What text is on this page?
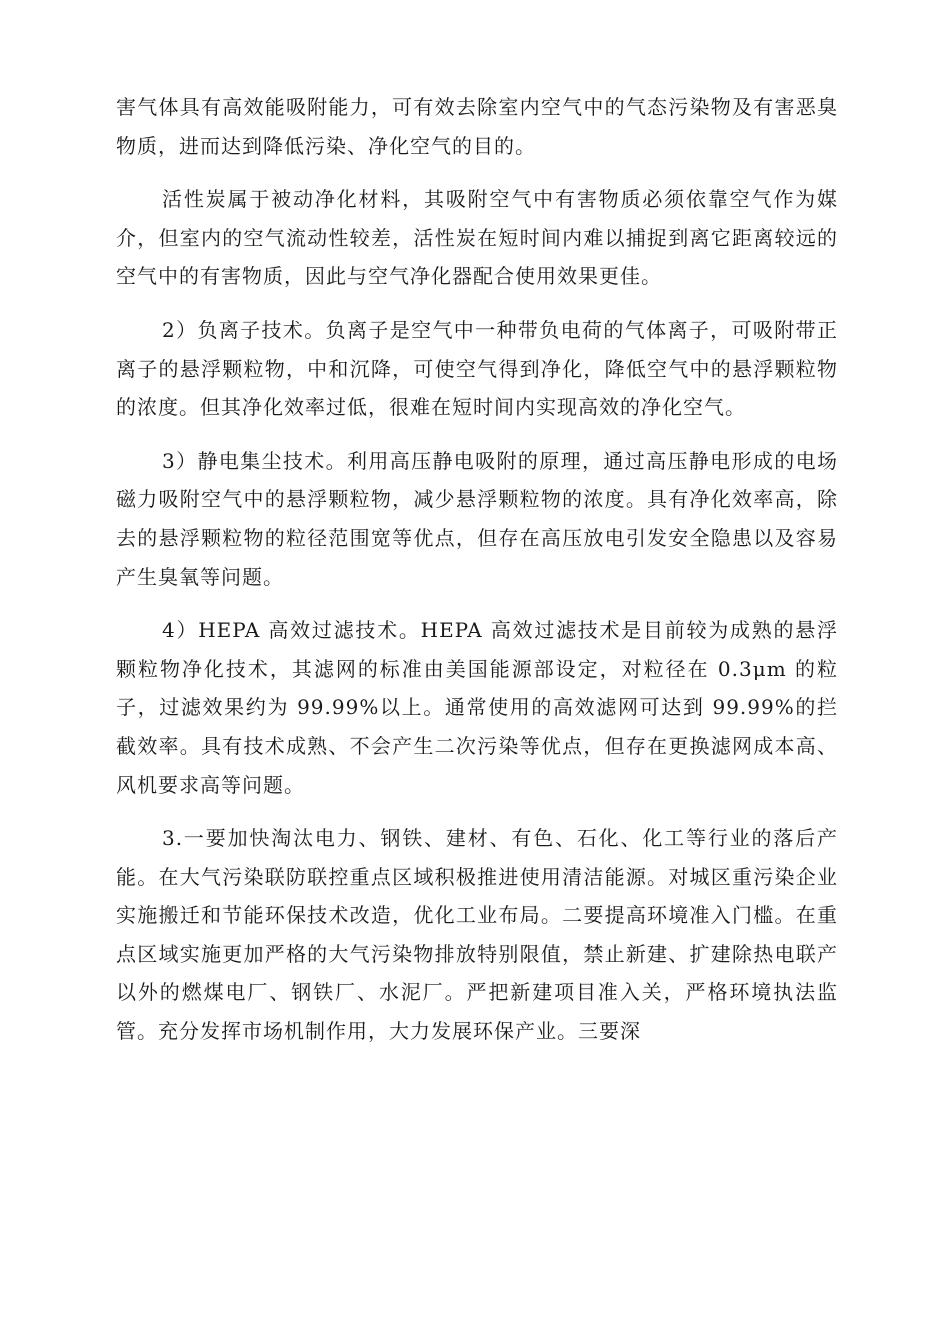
害气体具有高效能吸附能力，可有效去除室内空气中的气态污染物及有害恶臭物质，进而达到降低污染、净化空气的目的。

活性炭属于被动净化材料，其吸附空气中有害物质必须依靠空气作为媒介，但室内的空气流动性较差，活性炭在短时间内难以捕捉到离它距离较远的空气中的有害物质，因此与空气净化器配合使用效果更佳。

2）负离子技术。负离子是空气中一种带负电荷的气体离子，可吸附带正离子的悬浮颗粒物，中和沉降，可使空气得到净化，降低空气中的悬浮颗粒物的浓度。但其净化效率过低，很难在短时间内实现高效的净化空气。

3）静电集尘技术。利用高压静电吸附的原理，通过高压静电形成的电场磁力吸附空气中的悬浮颗粒物，减少悬浮颗粒物的浓度。具有净化效率高，除去的悬浮颗粒物的粒径范围宽等优点，但存在高压放电引发安全隐患以及容易产生臭氧等问题。

4）HEPA 高效过滤技术。HEPA 高效过滤技术是目前较为成熟的悬浮颗粒物净化技术，其滤网的标准由美国能源部设定，对粒径在 0.3μm 的粒子，过滤效果约为 99.99%以上。通常使用的高效滤网可达到 99.99%的拦截效率。具有技术成熟、不会产生二次污染等优点，但存在更换滤网成本高、风机要求高等问题。

3.一要加快淘汰电力、钢铁、建材、有色、石化、化工等行业的落后产能。在大气污染联防联控重点区域积极推进使用清洁能源。对城区重污染企业实施搬迁和节能环保技术改造，优化工业布局。二要提高环境准入门槛。在重点区域实施更加严格的大气污染物排放特别限值，禁止新建、扩建除热电联产以外的燃煤电厂、钢铁厂、水泥厂。严把新建项目准入关，严格环境执法监管。充分发挥市场机制作用，大力发展环保产业。三要深
